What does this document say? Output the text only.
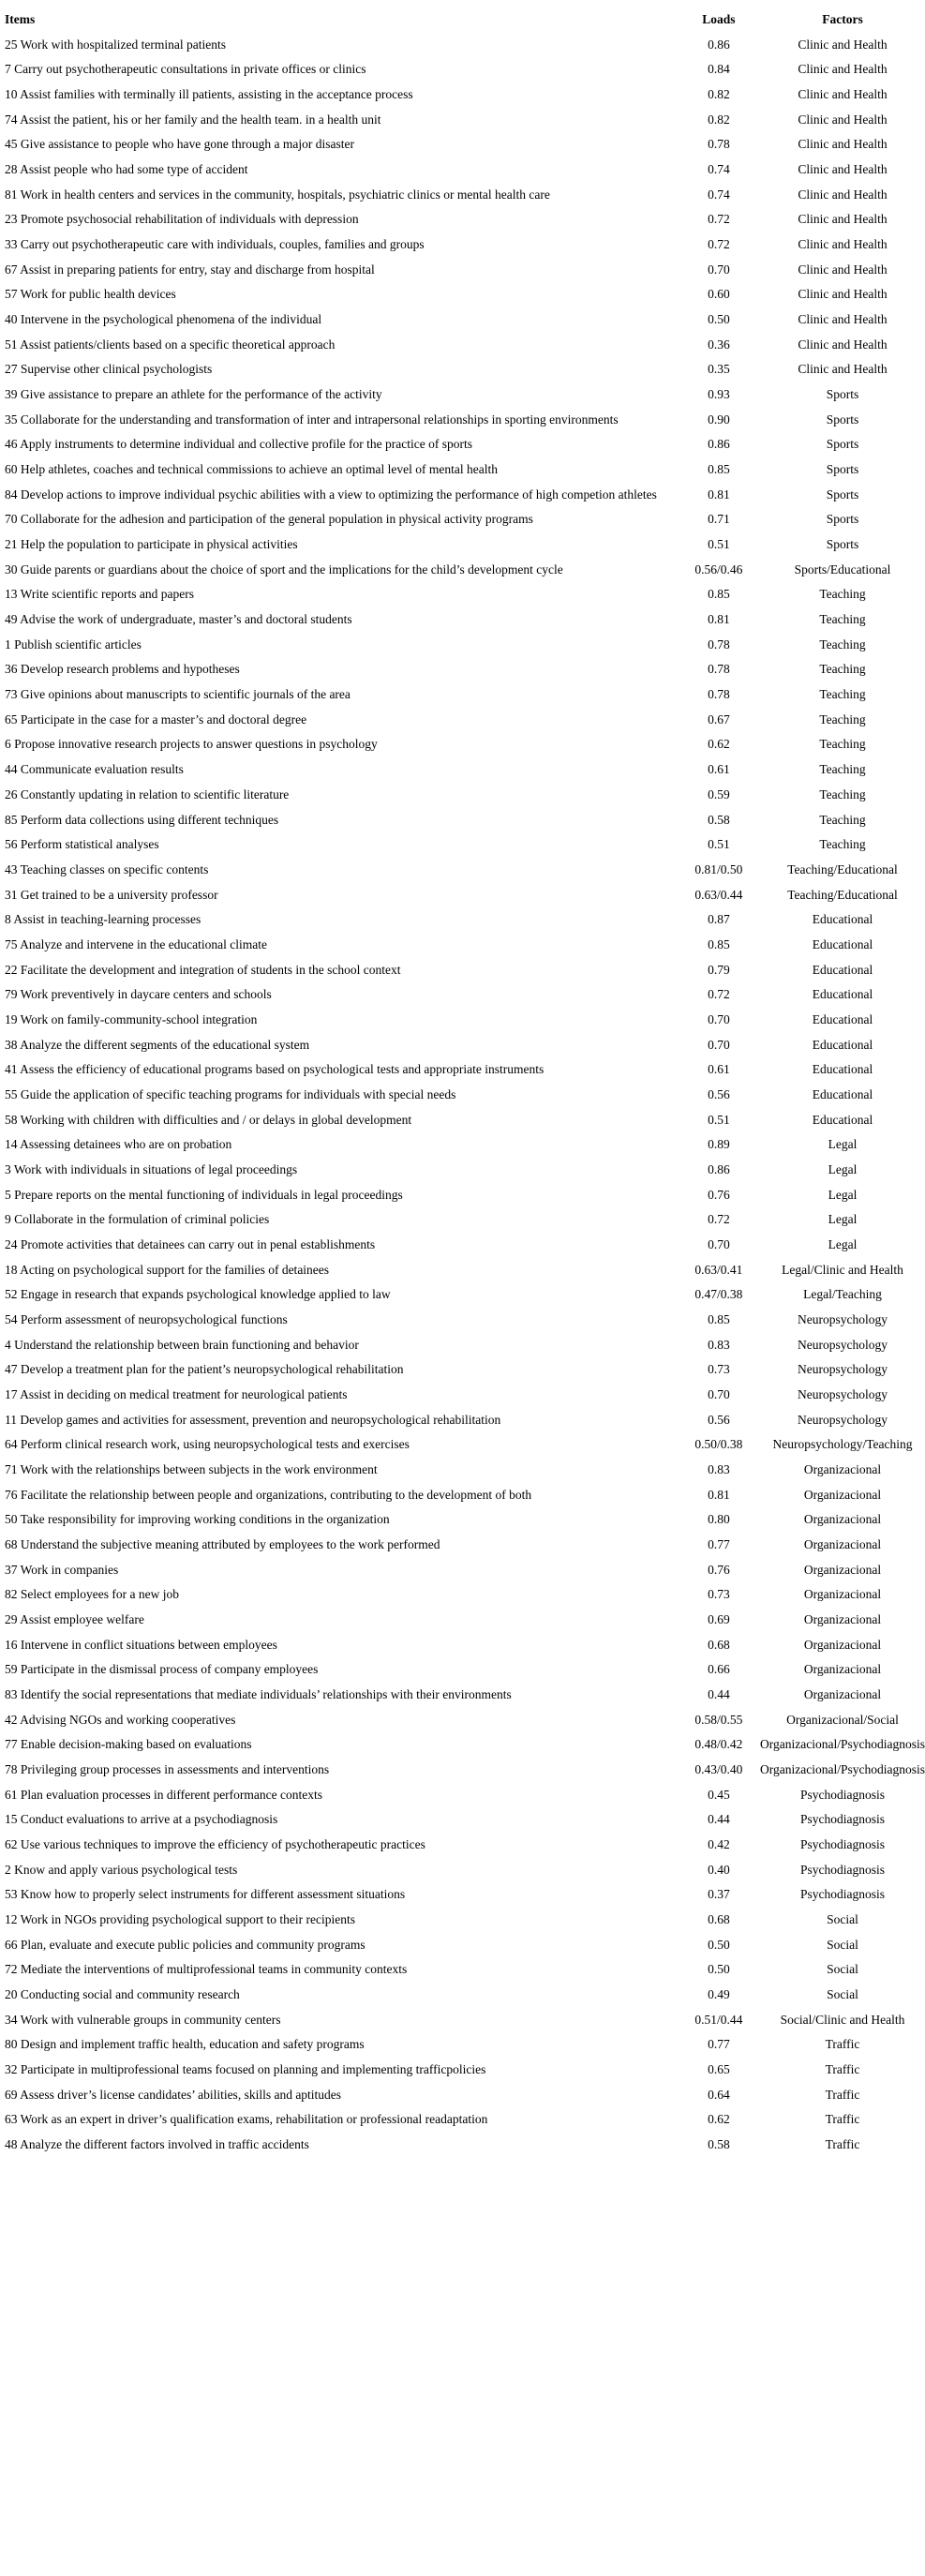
Items	Loads	Factors
25 Work with hospitalized terminal patients	0.86	Clinic and Health
7 Carry out psychotherapeutic consultations in private offices or clinics	0.84	Clinic and Health
10 Assist families with terminally ill patients, assisting in the acceptance process	0.82	Clinic and Health
74 Assist the patient, his or her family and the health team. in a health unit	0.82	Clinic and Health
45 Give assistance to people who have gone through a major disaster	0.78	Clinic and Health
28 Assist people who had some type of accident	0.74	Clinic and Health
81 Work in health centers and services in the community, hospitals, psychiatric clinics or mental health care	0.74	Clinic and Health
23 Promote psychosocial rehabilitation of individuals with depression	0.72	Clinic and Health
33 Carry out psychotherapeutic care with individuals, couples, families and groups	0.72	Clinic and Health
67 Assist in preparing patients for entry, stay and discharge from hospital	0.70	Clinic and Health
57 Work for public health devices	0.60	Clinic and Health
40 Intervene in the psychological phenomena of the individual	0.50	Clinic and Health
51 Assist patients/clients based on a specific theoretical approach	0.36	Clinic and Health
27 Supervise other clinical psychologists	0.35	Clinic and Health
39 Give assistance to prepare an athlete for the performance of the activity	0.93	Sports
35 Collaborate for the understanding and transformation of inter and intrapersonal relationships in sporting environments	0.90	Sports
46 Apply instruments to determine individual and collective profile for the practice of sports	0.86	Sports
60 Help athletes, coaches and technical commissions to achieve an optimal level of mental health	0.85	Sports
84 Develop actions to improve individual psychic abilities with a view to optimizing the performance of high competion athletes	0.81	Sports
70 Collaborate for the adhesion and participation of the general population in physical activity programs	0.71	Sports
21 Help the population to participate in physical activities	0.51	Sports
30 Guide parents or guardians about the choice of sport and the implications for the child’s development cycle	0.56/0.46	Sports/Educational
13 Write scientific reports and papers	0.85	Teaching
49 Advise the work of undergraduate, master’s and doctoral students	0.81	Teaching
1 Publish scientific articles	0.78	Teaching
36 Develop research problems and hypotheses	0.78	Teaching
73 Give opinions about manuscripts to scientific journals of the area	0.78	Teaching
65 Participate in the case for a master’s and doctoral degree	0.67	Teaching
6 Propose innovative research projects to answer questions in psychology	0.62	Teaching
44 Communicate evaluation results	0.61	Teaching
26 Constantly updating in relation to scientific literature	0.59	Teaching
85 Perform data collections using different techniques	0.58	Teaching
56 Perform statistical analyses	0.51	Teaching
43 Teaching classes on specific contents	0.81/0.50	Teaching/Educational
31 Get trained to be a university professor	0.63/0.44	Teaching/Educational
8 Assist in teaching-learning processes	0.87	Educational
75 Analyze and intervene in the educational climate	0.85	Educational
22 Facilitate the development and integration of students in the school context	0.79	Educational
79 Work preventively in daycare centers and schools	0.72	Educational
19 Work on family-community-school integration	0.70	Educational
38 Analyze the different segments of the educational system	0.70	Educational
41 Assess the efficiency of educational programs based on psychological tests and appropriate instruments	0.61	Educational
55 Guide the application of specific teaching programs for individuals with special needs	0.56	Educational
58 Working with children with difficulties and / or delays in global development	0.51	Educational
14 Assessing detainees who are on probation	0.89	Legal
3 Work with individuals in situations of legal proceedings	0.86	Legal
5 Prepare reports on the mental functioning of individuals in legal proceedings	0.76	Legal
9 Collaborate in the formulation of criminal policies	0.72	Legal
24 Promote activities that detainees can carry out in penal establishments	0.70	Legal
18 Acting on psychological support for the families of detainees	0.63/0.41	Legal/Clinic and Health
52 Engage in research that expands psychological knowledge applied to law	0.47/0.38	Legal/Teaching
54 Perform assessment of neuropsychological functions	0.85	Neuropsychology
4 Understand the relationship between brain functioning and behavior	0.83	Neuropsychology
47 Develop a treatment plan for the patient’s neuropsychological rehabilitation	0.73	Neuropsychology
17 Assist in deciding on medical treatment for neurological patients	0.70	Neuropsychology
11 Develop games and activities for assessment, prevention and neuropsychological rehabilitation	0.56	Neuropsychology
64 Perform clinical research work, using neuropsychological tests and exercises	0.50/0.38	Neuropsychology/Teaching
71 Work with the relationships between subjects in the work environment	0.83	Organizacional
76 Facilitate the relationship between people and organizations, contributing to the development of both	0.81	Organizacional
50 Take responsibility for improving working conditions in the organization	0.80	Organizacional
68 Understand the subjective meaning attributed by employees to the work performed	0.77	Organizacional
37 Work in companies	0.76	Organizacional
82 Select employees for a new job	0.73	Organizacional
29 Assist employee welfare	0.69	Organizacional
16 Intervene in conflict situations between employees	0.68	Organizacional
59 Participate in the dismissal process of company employees	0.66	Organizacional
83 Identify the social representations that mediate individuals’ relationships with their environments	0.44	Organizacional
42 Advising NGOs and working cooperatives	0.58/0.55	Organizacional/Social
77 Enable decision-making based on evaluations	0.48/0.42	Organizacional/Psychodiagnosis
78 Privileging group processes in assessments and interventions	0.43/0.40	Organizacional/Psychodiagnosis
61 Plan evaluation processes in different performance contexts	0.45	Psychodiagnosis
15 Conduct evaluations to arrive at a psychodiagnosis	0.44	Psychodiagnosis
62 Use various techniques to improve the efficiency of psychotherapeutic practices	0.42	Psychodiagnosis
2 Know and apply various psychological tests	0.40	Psychodiagnosis
53 Know how to properly select instruments for different assessment situations	0.37	Psychodiagnosis
12 Work in NGOs providing psychological support to their recipients	0.68	Social
66 Plan, evaluate and execute public policies and community programs	0.50	Social
72 Mediate the interventions of multiprofessional teams in community contexts	0.50	Social
20 Conducting social and community research	0.49	Social
34 Work with vulnerable groups in community centers	0.51/0.44	Social/Clinic and Health
80 Design and implement traffic health, education and safety programs	0.77	Traffic
32 Participate in multiprofessional teams focused on planning and implementing trafficpolicies	0.65	Traffic
69 Assess driver’s license candidates’ abilities, skills and aptitudes	0.64	Traffic
63 Work as an expert in driver’s qualification exams, rehabilitation or professional readaptation	0.62	Traffic
48 Analyze the different factors involved in traffic accidents	0.58	Traffic
